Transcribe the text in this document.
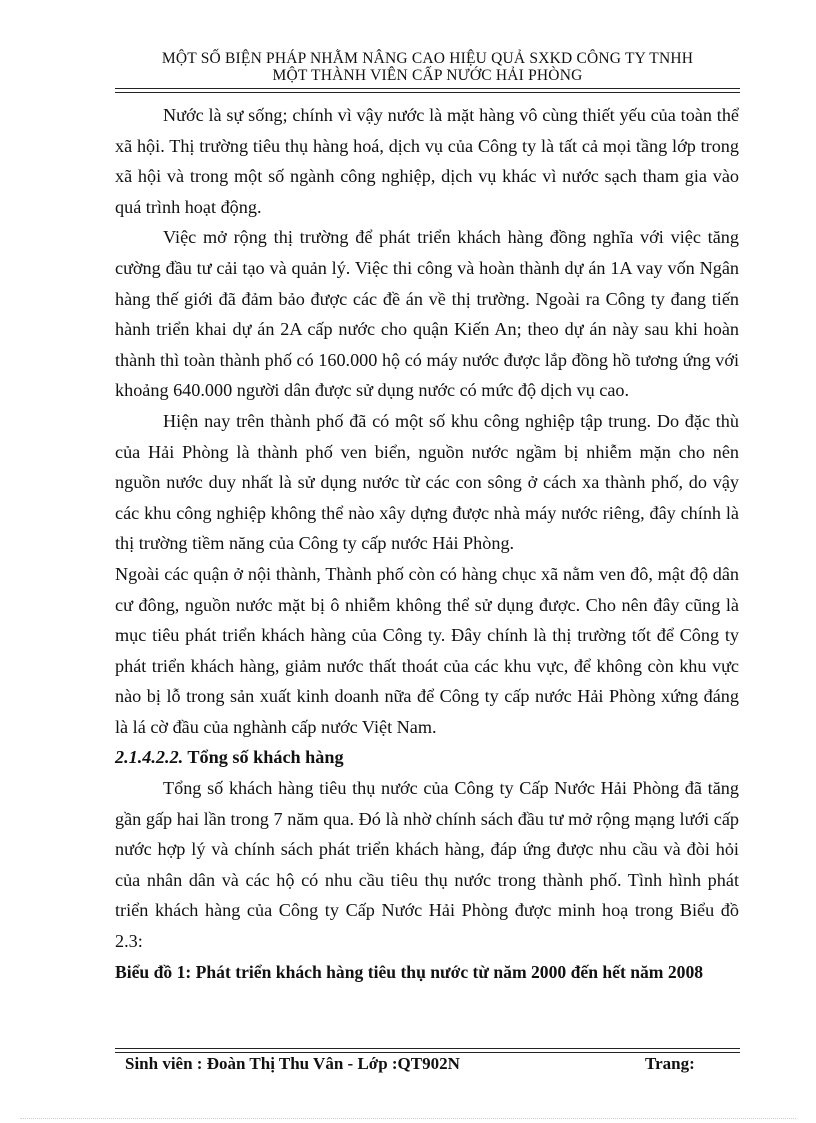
MỘT SỐ BIỆN PHÁP NHẰM NÂNG CAO HIỆU QUẢ SXKD CÔNG TY TNHH
MỘT THÀNH VIÊN CẤP NƯỚC HẢI PHÒNG

Nước là sự sống; chính vì vậy nước là mặt hàng vô cùng thiết yếu của toàn thể xã hội. Thị trường tiêu thụ hàng hoá, dịch vụ của Công ty là tất cả mọi tầng lớp trong xã hội và trong một số ngành công nghiệp, dịch vụ khác vì nước sạch tham gia vào quá trình hoạt động.

Việc mở rộng thị trường để phát triển khách hàng đồng nghĩa với việc tăng cường đầu tư cải tạo và quản lý. Việc thi công và hoàn thành dự án 1A vay vốn Ngân hàng thế giới đã đảm bảo được các đề án về thị trường. Ngoài ra Công ty đang tiến hành triển khai dự án 2A cấp nước cho quận Kiến An; theo dự án này sau khi hoàn thành thì toàn thành phố có 160.000 hộ có máy nước được lắp đồng hồ tương ứng với khoảng 640.000 người dân được sử dụng nước có mức độ dịch vụ cao.

Hiện nay trên thành phố đã có một số khu công nghiệp tập trung. Do đặc thù của Hải Phòng là thành phố ven biển, nguồn nước ngầm bị nhiễm mặn cho nên nguồn nước duy nhất là sử dụng nước từ các con sông ở cách xa thành phố, do vậy các khu công nghiệp không thể nào xây dựng được nhà máy nước riêng, đây chính là thị trường tiềm năng của Công ty cấp nước Hải Phòng.

Ngoài các quận ở nội thành, Thành phố còn có hàng chục xã nằm ven đô, mật độ dân cư đông, nguồn nước mặt bị ô nhiễm không thể sử dụng được. Cho nên đây cũng là mục tiêu phát triển khách hàng của Công ty. Đây chính là thị trường tốt để Công ty phát triển khách hàng, giảm nước thất thoát của các khu vực, để không còn khu vực nào bị lỗ trong sản xuất kinh doanh nữa để Công ty cấp nước Hải Phòng xứng đáng là lá cờ đầu của nghành cấp nước Việt Nam.

2.1.4.2.2. Tổng số khách hàng

Tổng số khách hàng tiêu thụ nước của Công ty Cấp Nước Hải Phòng đã tăng gần gấp hai lần trong 7 năm qua. Đó là nhờ chính sách đầu tư mở rộng mạng lưới cấp nước hợp lý và chính sách phát triển khách hàng, đáp ứng được nhu cầu và đòi hỏi của nhân dân và các hộ có nhu cầu tiêu thụ nước trong thành phố. Tình hình phát triển khách hàng của Công ty Cấp Nước Hải Phòng được minh hoạ trong Biểu đồ 2.3:

Biểu đồ 1: Phát triển khách hàng tiêu thụ nước từ năm 2000 đến hết năm 2008

Sinh viên : Đoàn Thị Thu Vân - Lớp :QT902N	Trang:
